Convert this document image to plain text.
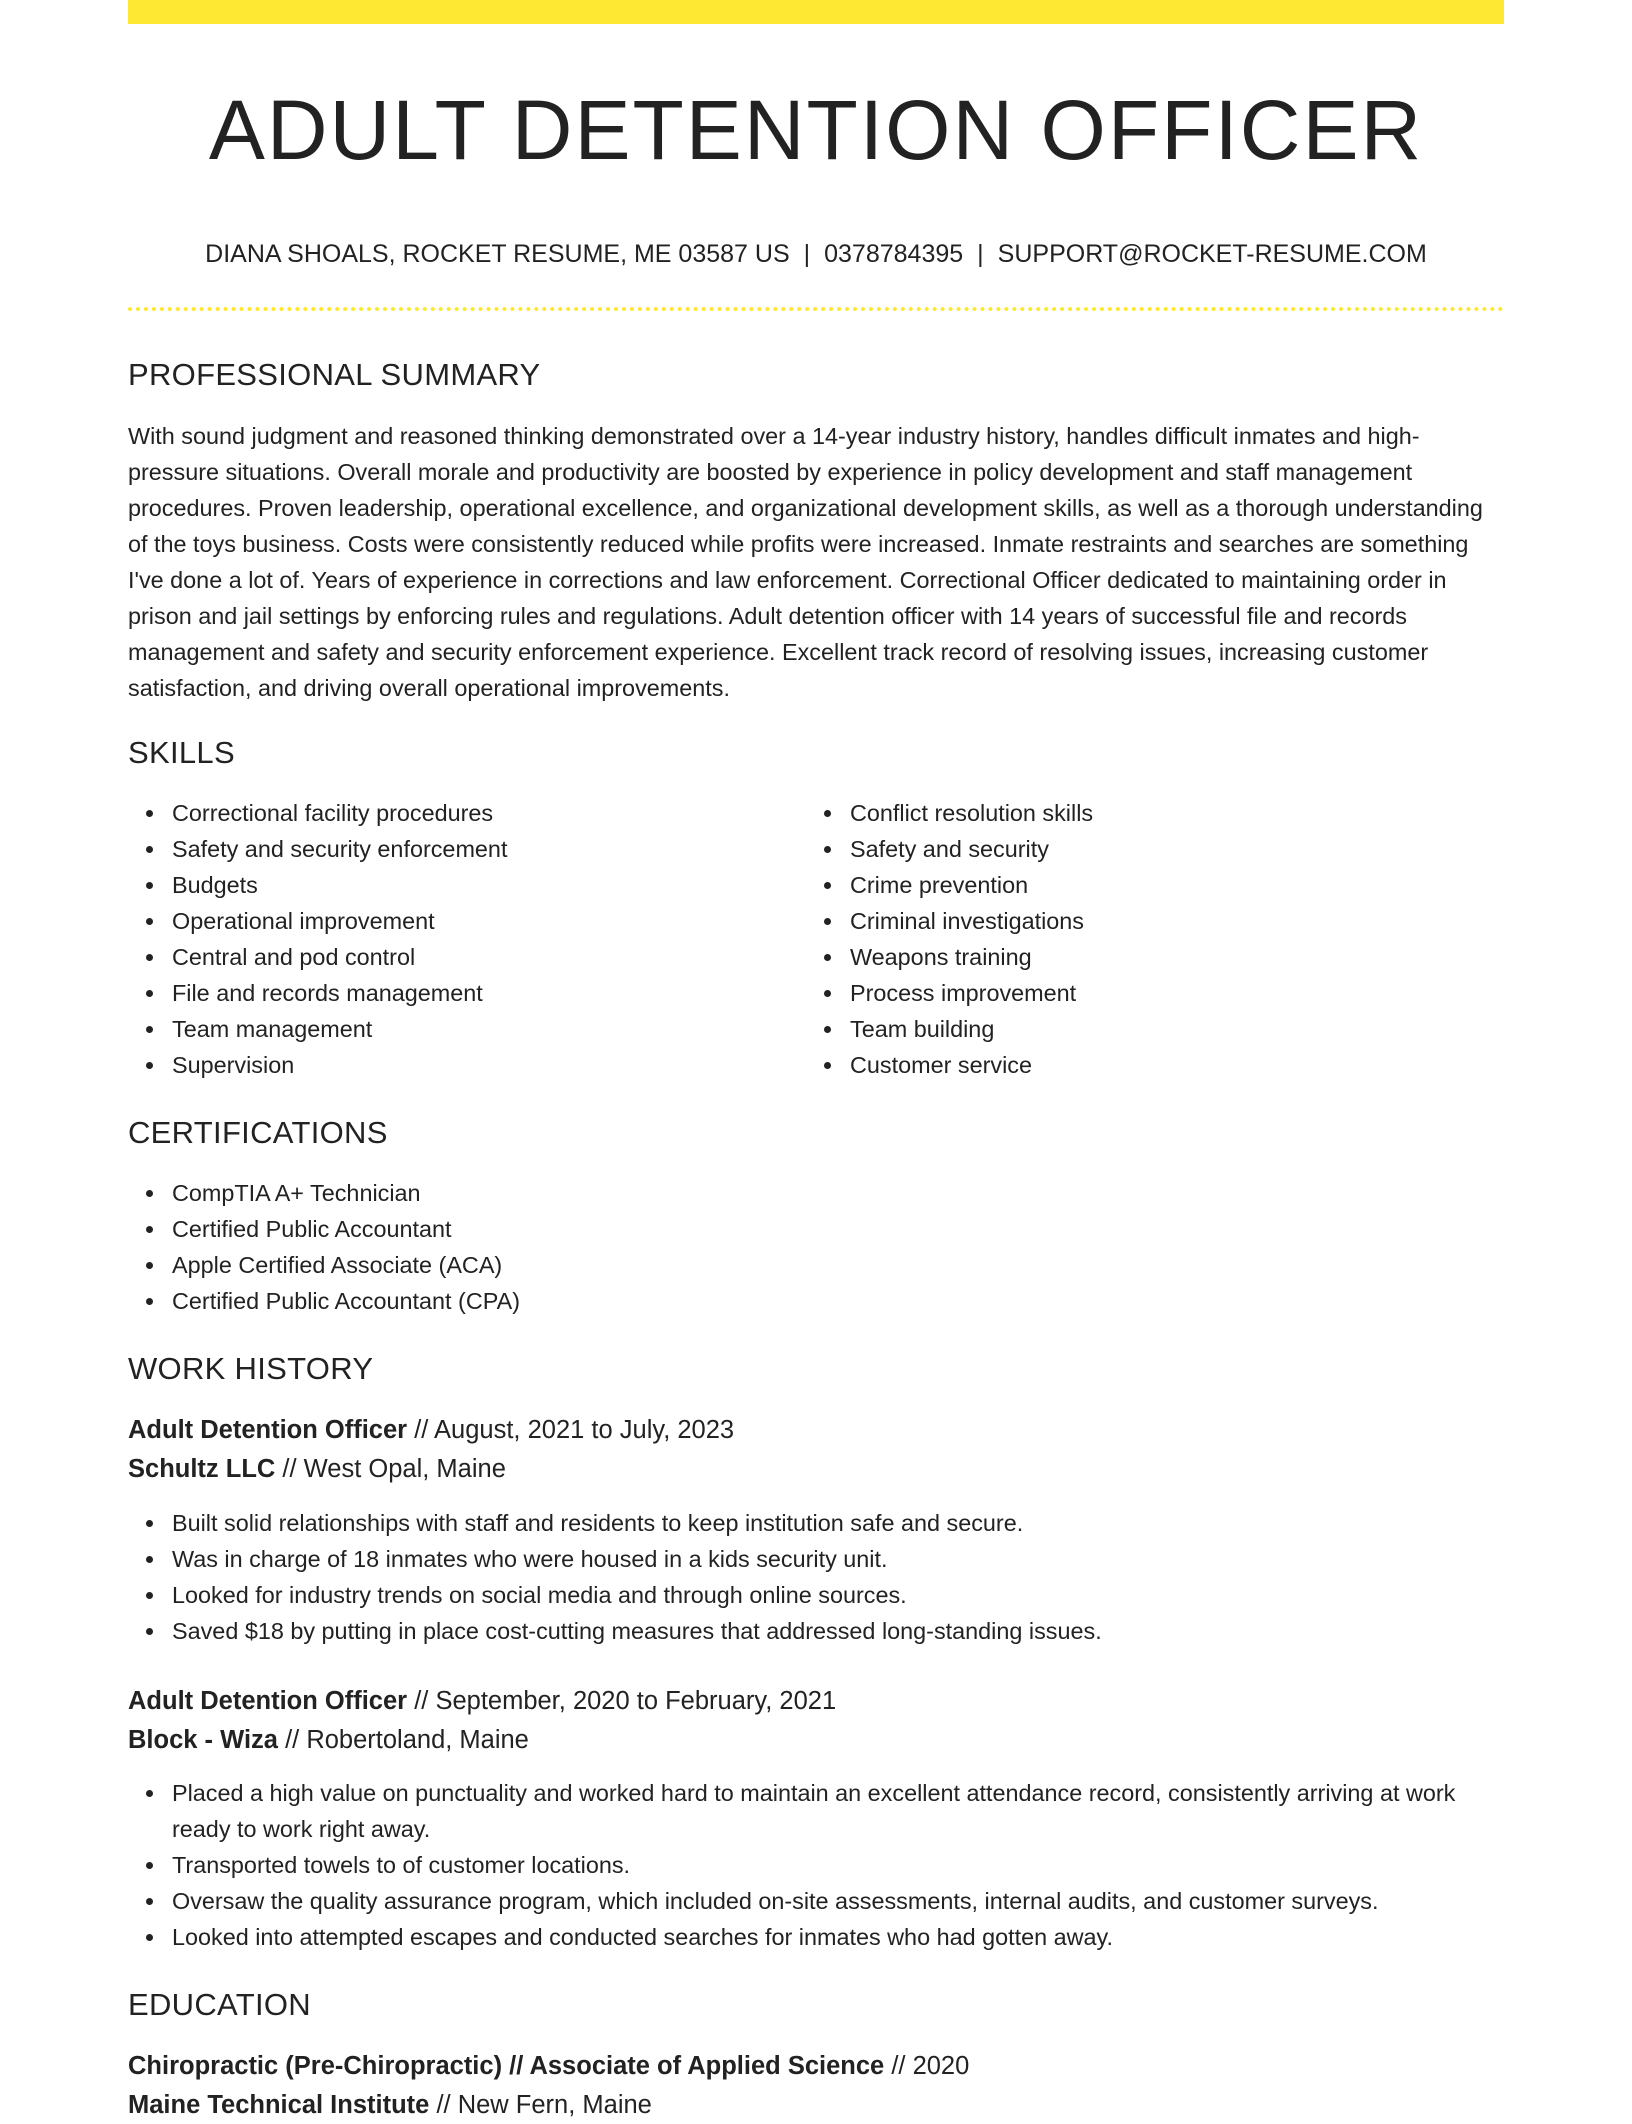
ADULT DETENTION OFFICER
DIANA SHOALS, ROCKET RESUME, ME 03587 US | 0378784395 | SUPPORT@ROCKET-RESUME.COM
PROFESSIONAL SUMMARY

With sound judgment and reasoned thinking demonstrated over a 14-year industry history, handles difficult inmates and high-pressure situations. Overall morale and productivity are boosted by experience in policy development and staff management procedures. Proven leadership, operational excellence, and organizational development skills, as well as a thorough understanding of the toys business. Costs were consistently reduced while profits were increased. Inmate restraints and searches are something I've done a lot of. Years of experience in corrections and law enforcement. Correctional Officer dedicated to maintaining order in prison and jail settings by enforcing rules and regulations. Adult detention officer with 14 years of successful file and records management and safety and security enforcement experience. Excellent track record of resolving issues, increasing customer satisfaction, and driving overall operational improvements.

SKILLS
Correctional facility procedures
Safety and security enforcement
Budgets
Operational improvement
Central and pod control
File and records management
Team management
Supervision
Conflict resolution skills
Safety and security
Crime prevention
Criminal investigations
Weapons training
Process improvement
Team building
Customer service
CERTIFICATIONS
CompTIA A+ Technician
Certified Public Accountant
Apple Certified Associate (ACA)
Certified Public Accountant (CPA)
WORK HISTORY
Adult Detention Officer // August, 2021 to July, 2023
Schultz LLC // West Opal, Maine
Built solid relationships with staff and residents to keep institution safe and secure.
Was in charge of 18 inmates who were housed in a kids security unit.
Looked for industry trends on social media and through online sources.
Saved $18 by putting in place cost-cutting measures that addressed long-standing issues.
Adult Detention Officer // September, 2020 to February, 2021
Block - Wiza // Robertoland, Maine
Placed a high value on punctuality and worked hard to maintain an excellent attendance record, consistently arriving at work ready to work right away.
Transported towels to of customer locations.
Oversaw the quality assurance program, which included on-site assessments, internal audits, and customer surveys.
Looked into attempted escapes and conducted searches for inmates who had gotten away.
EDUCATION
Chiropractic (Pre-Chiropractic) // Associate of Applied Science // 2020
Maine Technical Institute // New Fern, Maine
